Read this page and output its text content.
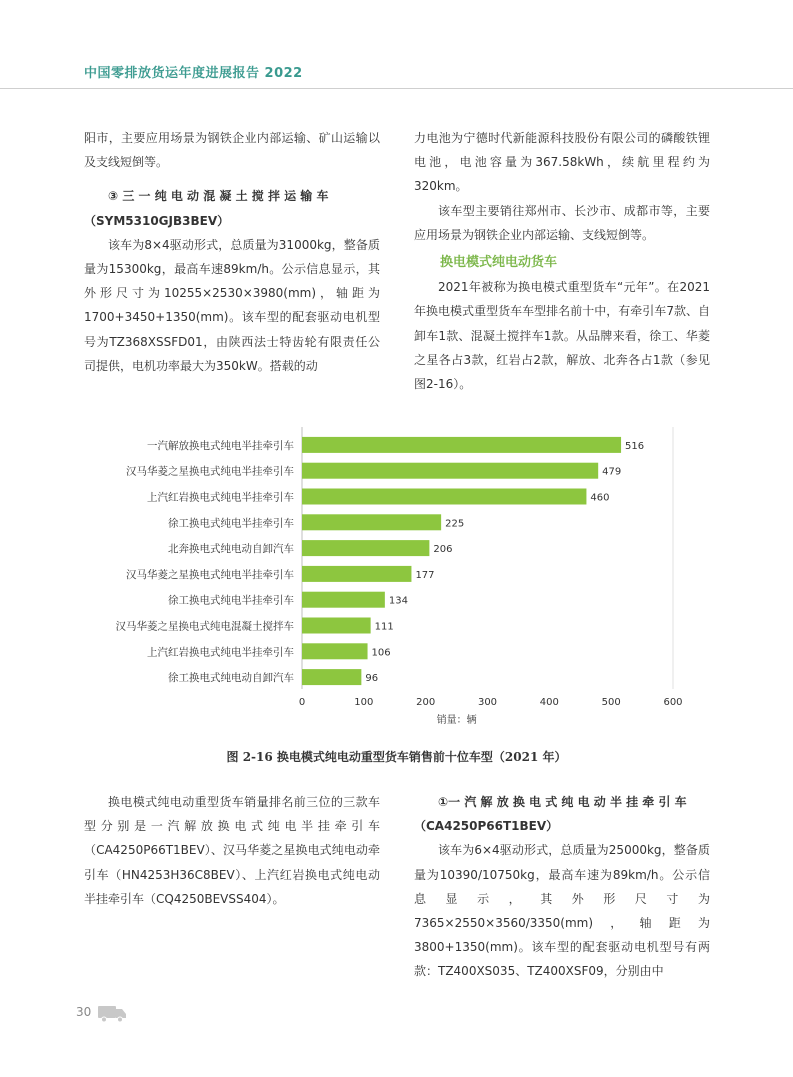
中国零排放货运年度进展报告 2022

阳市，主要应用场景为钢铁企业内部运输、矿山运输以及支线短倒等。

③ 三 一 纯 电 动 混 凝 土 搅 拌 运 输 车

（SYM5310GJB3BEV）

该车为8×4驱动形式，总质量为31000kg，整备质量为15300kg，最高车速89km/h。公示信息显示，其外形尺寸为10255×2530×3980(mm)，轴距为1700+3450+1350(mm)。该车型的配套驱动电机型号为TZ368XSSFD01，由陕西法士特齿轮有限责任公司提供，电机功率最大为350kW。搭载的动

力电池为宁德时代新能源科技股份有限公司的磷酸铁锂电池，电池容量为367.58kWh，续航里程约为320km。

该车型主要销往郑州市、长沙市、成都市等，主要应用场景为钢铁企业内部运输、支线短倒等。

换电模式纯电动货车

2021年被称为换电模式重型货车“元年”。在2021年换电模式重型货车车型排名前十中，有牵引车7款、自卸车1款、混凝土搅拌车1款。从品牌来看，徐工、华菱之星各占3款，红岩占2款，解放、北奔各占1款（参见图2-16）。

一汽解放换电式纯电半挂牵引车	516
汉马华菱之星换电式纯电半挂牵引车	479
上汽红岩换电式纯电半挂牵引车	460
徐工换电式纯电半挂牵引车	225
北奔换电式纯电动自卸汽车	206
汉马华菱之星换电式纯电半挂牵引车	177
徐工换电式纯电半挂牵引车	134
汉马华菱之星换电式纯电混凝土搅拌车	111
上汽红岩换电式纯电半挂牵引车	106
徐工换电式纯电动自卸汽车	96
0	100	200	300	400	500	600
销量：辆
图 2-16 换电模式纯电动重型货车销售前十位车型（2021 年）

换电模式纯电动重型货车销量排名前三位的三款车型分别是一汽解放换电式纯电半挂牵引车（CA4250P66T1BEV）、汉马华菱之星换电式纯电动牵引车（HN4253H36C8BEV）、上汽红岩换电式纯电动半挂牵引车（CQ4250BEVSS404）。

①一 汽 解 放 换 电 式 纯 电 动 半 挂 牵 引 车

（CA4250P66T1BEV）

该车为6×4驱动形式，总质量为25000kg，整备质量为10390/10750kg，最高车速为89km/h。公示信息显示，其外形尺寸为7365×2550×3560/3350(mm)，轴距为3800+1350(mm)。该车型的配套驱动电机型号有两款：TZ400XS035、TZ400XSF09，分别由中

30
